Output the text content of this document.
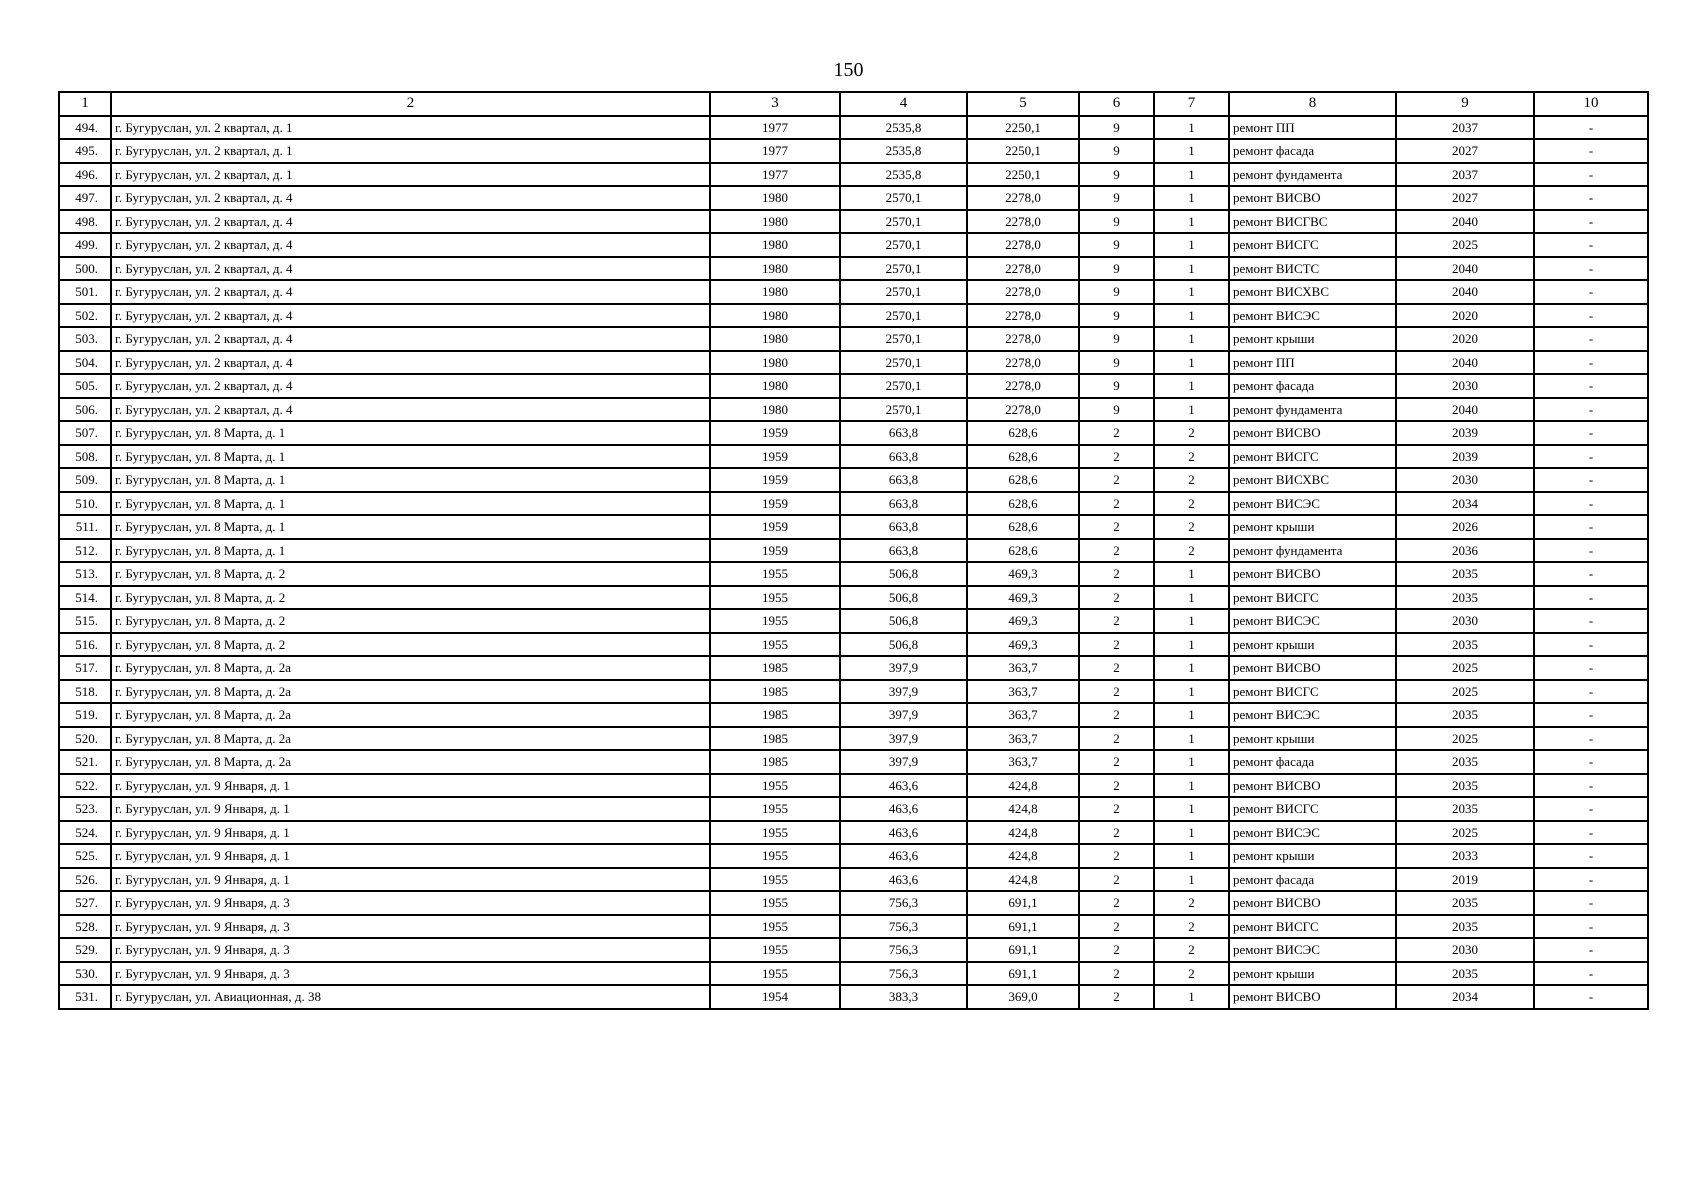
150
1	2	3	4	5	6	7	8	9	10
494.	г. Бугуруслан, ул. 2 квартал, д. 1	1977	2535,8	2250,1	9	1	ремонт ПП	2037	-
495.	г. Бугуруслан, ул. 2 квартал, д. 1	1977	2535,8	2250,1	9	1	ремонт фасада	2027	-
496.	г. Бугуруслан, ул. 2 квартал, д. 1	1977	2535,8	2250,1	9	1	ремонт фундамента	2037	-
497.	г. Бугуруслан, ул. 2 квартал, д. 4	1980	2570,1	2278,0	9	1	ремонт ВИСВО	2027	-
498.	г. Бугуруслан, ул. 2 квартал, д. 4	1980	2570,1	2278,0	9	1	ремонт ВИСГВС	2040	-
499.	г. Бугуруслан, ул. 2 квартал, д. 4	1980	2570,1	2278,0	9	1	ремонт ВИСГС	2025	-
500.	г. Бугуруслан, ул. 2 квартал, д. 4	1980	2570,1	2278,0	9	1	ремонт ВИСТС	2040	-
501.	г. Бугуруслан, ул. 2 квартал, д. 4	1980	2570,1	2278,0	9	1	ремонт ВИСХВС	2040	-
502.	г. Бугуруслан, ул. 2 квартал, д. 4	1980	2570,1	2278,0	9	1	ремонт ВИСЭС	2020	-
503.	г. Бугуруслан, ул. 2 квартал, д. 4	1980	2570,1	2278,0	9	1	ремонт крыши	2020	-
504.	г. Бугуруслан, ул. 2 квартал, д. 4	1980	2570,1	2278,0	9	1	ремонт ПП	2040	-
505.	г. Бугуруслан, ул. 2 квартал, д. 4	1980	2570,1	2278,0	9	1	ремонт фасада	2030	-
506.	г. Бугуруслан, ул. 2 квартал, д. 4	1980	2570,1	2278,0	9	1	ремонт фундамента	2040	-
507.	г. Бугуруслан, ул. 8 Марта, д. 1	1959	663,8	628,6	2	2	ремонт ВИСВО	2039	-
508.	г. Бугуруслан, ул. 8 Марта, д. 1	1959	663,8	628,6	2	2	ремонт ВИСГС	2039	-
509.	г. Бугуруслан, ул. 8 Марта, д. 1	1959	663,8	628,6	2	2	ремонт ВИСХВС	2030	-
510.	г. Бугуруслан, ул. 8 Марта, д. 1	1959	663,8	628,6	2	2	ремонт ВИСЭС	2034	-
511.	г. Бугуруслан, ул. 8 Марта, д. 1	1959	663,8	628,6	2	2	ремонт крыши	2026	-
512.	г. Бугуруслан, ул. 8 Марта, д. 1	1959	663,8	628,6	2	2	ремонт фундамента	2036	-
513.	г. Бугуруслан, ул. 8 Марта, д. 2	1955	506,8	469,3	2	1	ремонт ВИСВО	2035	-
514.	г. Бугуруслан, ул. 8 Марта, д. 2	1955	506,8	469,3	2	1	ремонт ВИСГС	2035	-
515.	г. Бугуруслан, ул. 8 Марта, д. 2	1955	506,8	469,3	2	1	ремонт ВИСЭС	2030	-
516.	г. Бугуруслан, ул. 8 Марта, д. 2	1955	506,8	469,3	2	1	ремонт крыши	2035	-
517.	г. Бугуруслан, ул. 8 Марта, д. 2а	1985	397,9	363,7	2	1	ремонт ВИСВО	2025	-
518.	г. Бугуруслан, ул. 8 Марта, д. 2а	1985	397,9	363,7	2	1	ремонт ВИСГС	2025	-
519.	г. Бугуруслан, ул. 8 Марта, д. 2а	1985	397,9	363,7	2	1	ремонт ВИСЭС	2035	-
520.	г. Бугуруслан, ул. 8 Марта, д. 2а	1985	397,9	363,7	2	1	ремонт крыши	2025	-
521.	г. Бугуруслан, ул. 8 Марта, д. 2а	1985	397,9	363,7	2	1	ремонт фасада	2035	-
522.	г. Бугуруслан, ул. 9 Января, д. 1	1955	463,6	424,8	2	1	ремонт ВИСВО	2035	-
523.	г. Бугуруслан, ул. 9 Января, д. 1	1955	463,6	424,8	2	1	ремонт ВИСГС	2035	-
524.	г. Бугуруслан, ул. 9 Января, д. 1	1955	463,6	424,8	2	1	ремонт ВИСЭС	2025	-
525.	г. Бугуруслан, ул. 9 Января, д. 1	1955	463,6	424,8	2	1	ремонт крыши	2033	-
526.	г. Бугуруслан, ул. 9 Января, д. 1	1955	463,6	424,8	2	1	ремонт фасада	2019	-
527.	г. Бугуруслан, ул. 9 Января, д. 3	1955	756,3	691,1	2	2	ремонт ВИСВО	2035	-
528.	г. Бугуруслан, ул. 9 Января, д. 3	1955	756,3	691,1	2	2	ремонт ВИСГС	2035	-
529.	г. Бугуруслан, ул. 9 Января, д. 3	1955	756,3	691,1	2	2	ремонт ВИСЭС	2030	-
530.	г. Бугуруслан, ул. 9 Января, д. 3	1955	756,3	691,1	2	2	ремонт крыши	2035	-
531.	г. Бугуруслан, ул. Авиационная, д. 38	1954	383,3	369,0	2	1	ремонт ВИСВО	2034	-
